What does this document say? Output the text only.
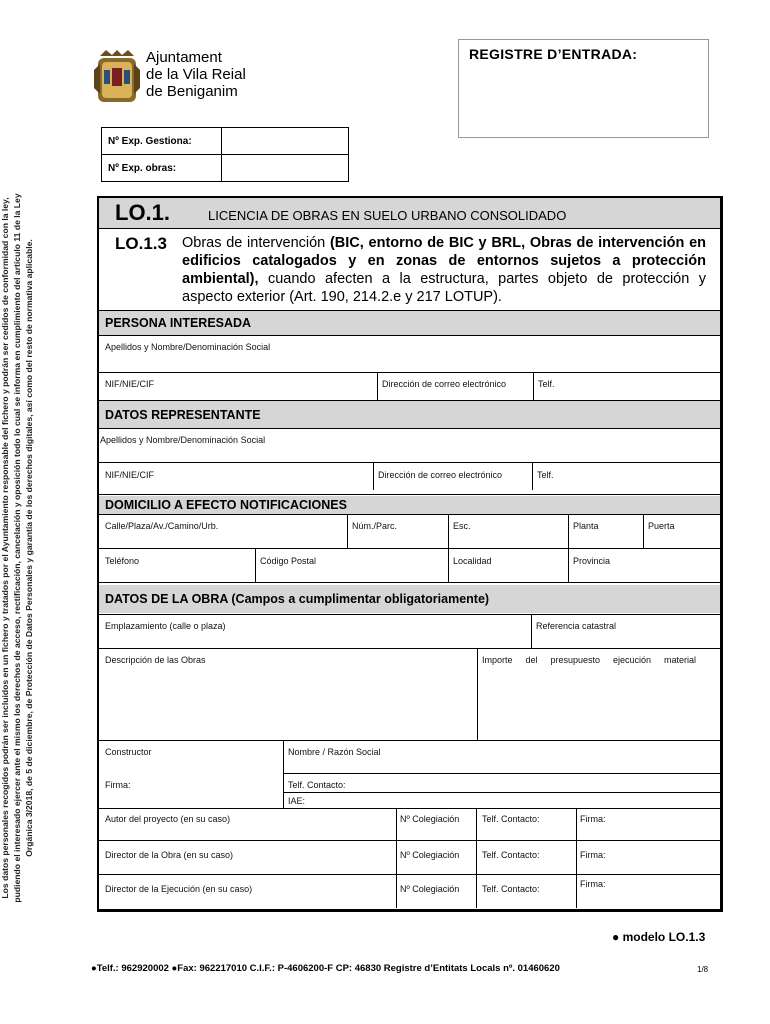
Ajuntament
de la Vila Reial
de Beniganim
REGISTRE D’ENTRADA:
Nº Exp. Gestiona:	
Nº Exp. obras:	
Los datos personales recogidos podrán ser incluidos en un fichero y tratados por el Ayuntamiento responsable del fichero y podrán ser cedidos de conformidad con la ley, pudiendo el interesado ejercer ante el mismo los derechos de acceso, rectificación, cancelación y oposición todo lo cual se informa en cumplimiento del artículo 11 de la Ley Orgánica 3/2018, de 5 de diciembre, de Protección de Datos Personales y garantía de los derechos digitales, así como del resto de normativa aplicable.
LO.1.	LICENCIA DE OBRAS EN SUELO URBANO CONSOLIDADO
LO.1.3 Obras de intervención (BIC, entorno de BIC y BRL, Obras de intervención en edificios catalogados y en zonas de entornos sujetos a protección ambiental), cuando afecten a la estructura, partes objeto de protección y aspecto exterior (Art. 190, 214.2.e y 217 LOTUP).
PERSONA INTERESADA
Apellidos y Nombre/Denominación Social
NIF/NIE/CIF	Dirección de correo electrónico	Telf.
DATOS REPRESENTANTE
Apellidos y Nombre/Denominación Social
NIF/NIE/CIF	Dirección de correo electrónico	Telf.
DOMICILIO A EFECTO NOTIFICACIONES
Calle/Plaza/Av./Camino/Urb.	Núm./Parc.	Esc.	Planta	Puerta
Teléfono	Código Postal	Localidad	Provincia
DATOS DE LA OBRA (Campos a cumplimentar obligatoriamente)
Emplazamiento (calle o plaza)	Referencia catastral
Descripción de las Obras	Importe del presupuesto ejecución material
Constructor	Nombre / Razón Social
Firma:	Telf. Contacto:
IAE:
Autor del proyecto (en su caso)	Nº Colegiación	Telf. Contacto:	Firma:
Director de la Obra (en su caso)	Nº Colegiación	Telf. Contacto:	Firma:
Director de la Ejecución (en su caso)	Nº Colegiación	Telf. Contacto:	Firma:
● modelo LO.1.3
●Telf.: 962920002 ●Fax: 962217010 C.I.F.: P-4606200-F CP: 46830 Registre d’Entitats Locals nº. 01460620	1/8
